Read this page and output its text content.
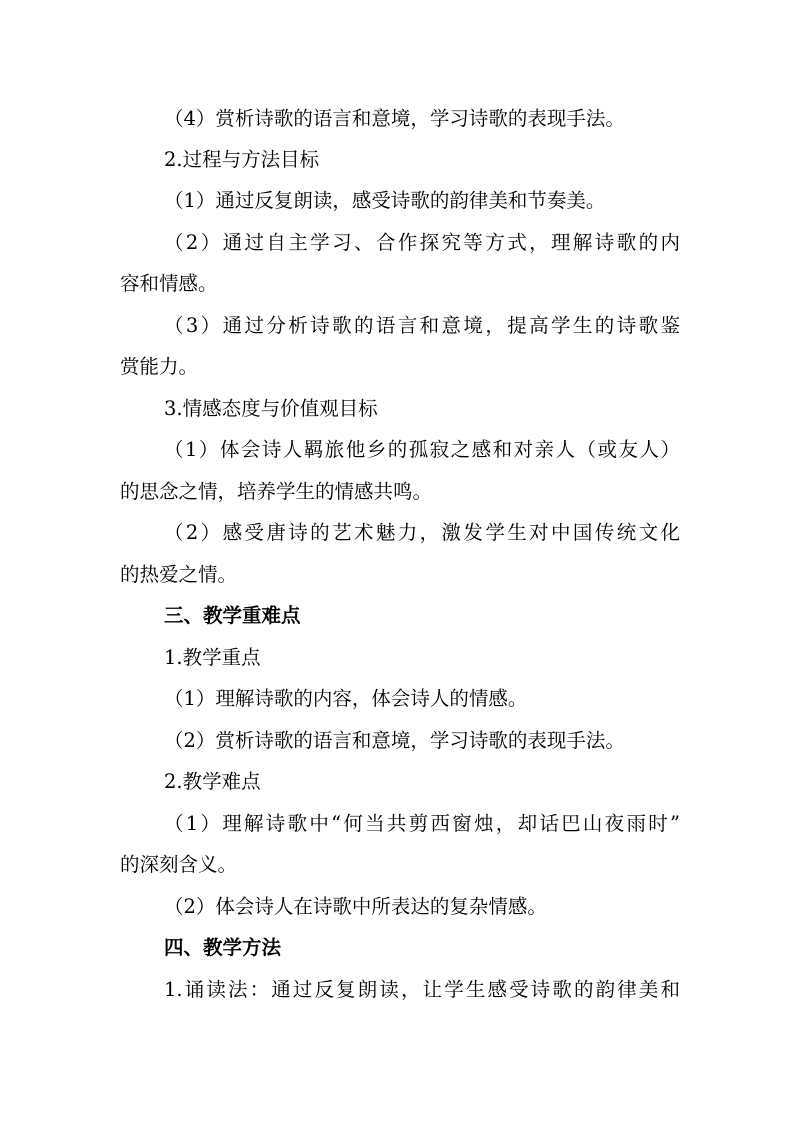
（4）赏析诗歌的语言和意境，学习诗歌的表现手法。
2.过程与方法目标
（1）通过反复朗读，感受诗歌的韵律美和节奏美。
（2）通过自主学习、合作探究等方式，理解诗歌的内
容和情感。
（3）通过分析诗歌的语言和意境，提高学生的诗歌鉴
赏能力。
3.情感态度与价值观目标
（1）体会诗人羁旅他乡的孤寂之感和对亲人（或友人）
的思念之情，培养学生的情感共鸣。
（2）感受唐诗的艺术魅力，激发学生对中国传统文化
的热爱之情。
三、教学重难点
1.教学重点
（1）理解诗歌的内容，体会诗人的情感。
（2）赏析诗歌的语言和意境，学习诗歌的表现手法。
2.教学难点
（1）理解诗歌中“何当共剪西窗烛，却话巴山夜雨时”
的深刻含义。
（2）体会诗人在诗歌中所表达的复杂情感。
四、教学方法
1.诵读法：通过反复朗读，让学生感受诗歌的韵律美和
